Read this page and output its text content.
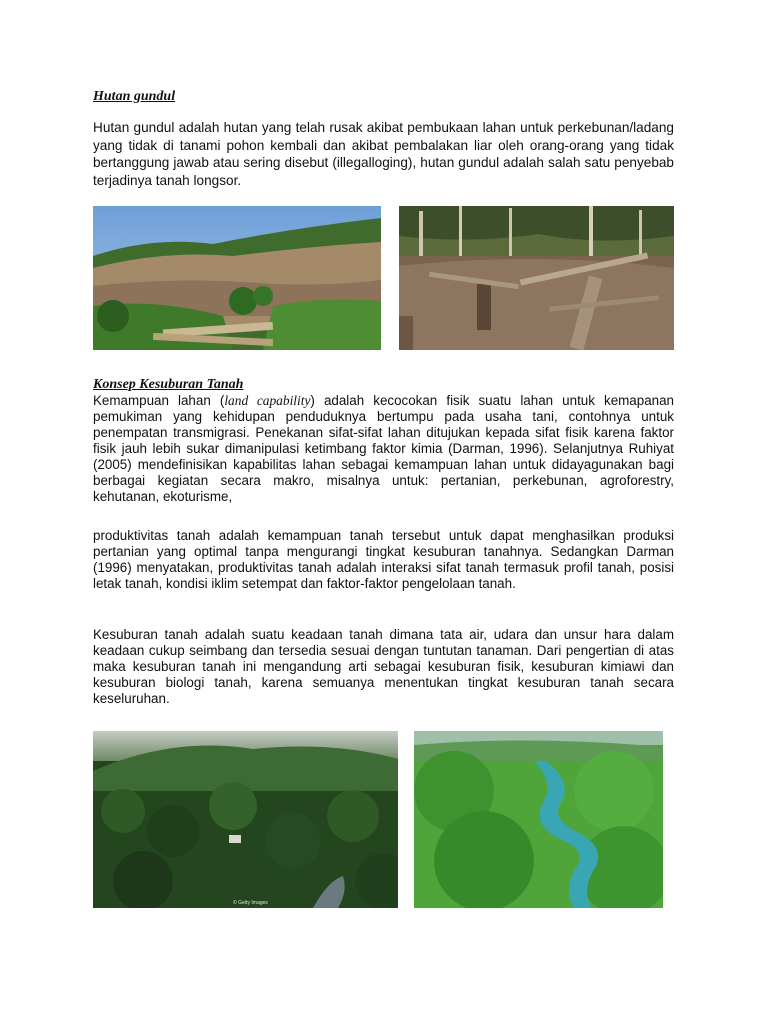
Hutan gundul
Hutan gundul adalah hutan yang telah rusak akibat pembukaan lahan untuk perkebunan/ladang yang tidak di tanami pohon kembali dan akibat pembalakan liar oleh orang-orang yang tidak bertanggung jawab atau sering disebut (illegalloging), hutan gundul adalah salah satu penyebab terjadinya tanah longsor.
Konsep Kesuburan Tanah
Kemampuan lahan (land capability) adalah kecocokan fisik suatu lahan untuk kemapanan pemukiman yang kehidupan penduduknya bertumpu pada usaha tani, contohnya untuk penempatan transmigrasi. Penekanan sifat-sifat lahan ditujukan kepada sifat fisik karena faktor fisik jauh lebih sukar dimanipulasi ketimbang faktor kimia (Darman, 1996). Selanjutnya Ruhiyat (2005) mendefinisikan kapabilitas lahan sebagai kemampuan lahan untuk didayagunakan bagi berbagai kegiatan secara makro, misalnya untuk: pertanian, perkebunan, agroforestry, kehutanan, ekoturisme,
produktivitas tanah adalah kemampuan tanah tersebut untuk dapat menghasilkan produksi pertanian yang optimal tanpa mengurangi tingkat kesuburan tanahnya. Sedangkan Darman (1996) menyatakan, produktivitas tanah adalah interaksi sifat tanah termasuk profil tanah, posisi letak tanah, kondisi iklim setempat dan faktor-faktor pengelolaan tanah.
Kesuburan tanah adalah suatu keadaan tanah dimana tata air, udara dan unsur hara dalam keadaan cukup seimbang dan tersedia sesuai dengan tuntutan tanaman. Dari pengertian di atas maka kesuburan tanah ini mengandung arti sebagai kesuburan fisik, kesuburan kimiawi dan kesuburan biologi tanah, karena semuanya menentukan tingkat kesuburan tanah secara keseluruhan.
© Getty Images
